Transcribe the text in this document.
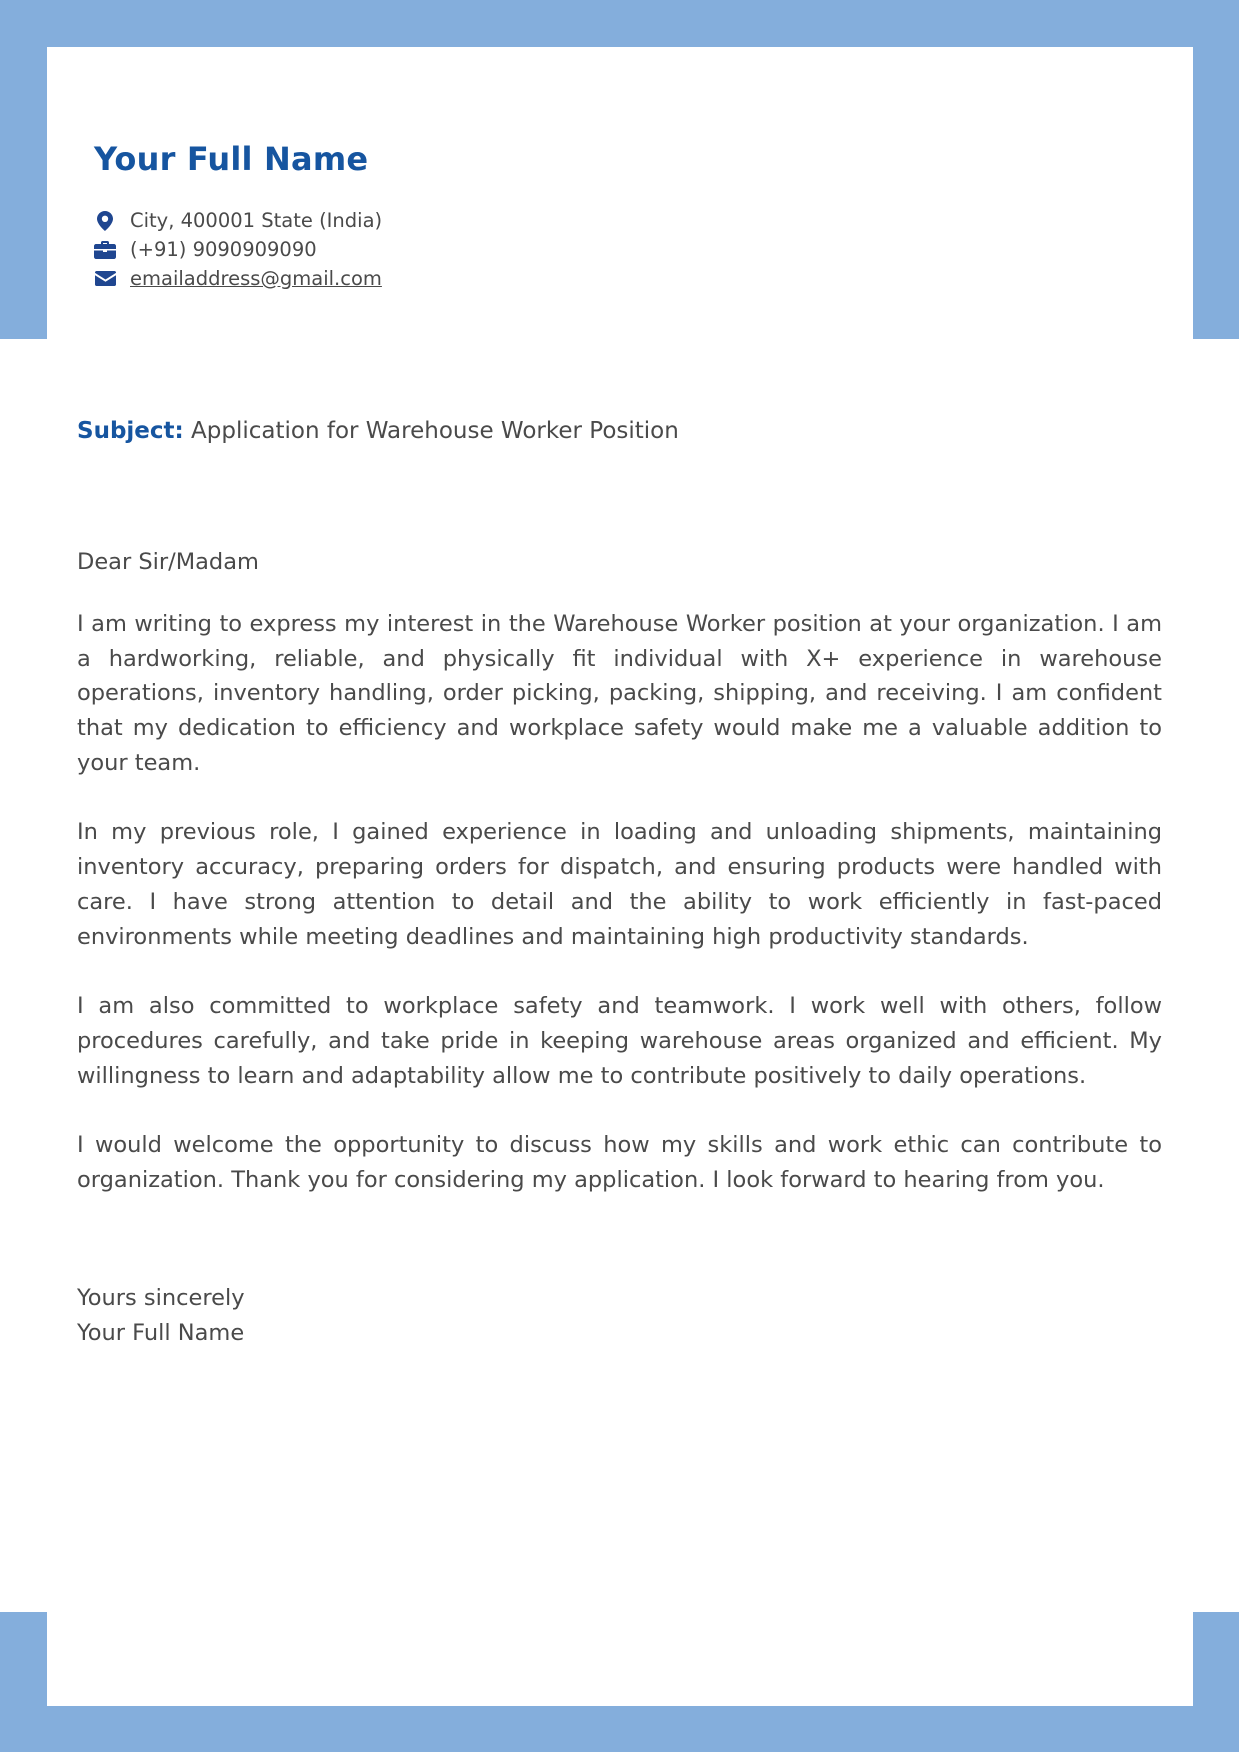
Your Full Name
City, 400001 State (India)
(+91) 9090909090
emailaddress@gmail.com

Subject: Application for Warehouse Worker Position

Dear Sir/Madam

I am writing to express my interest in the Warehouse Worker position at your organization. I am a hardworking, reliable, and physically fit individual with X+ experience in warehouse operations, inventory handling, order picking, packing, shipping, and receiving. I am confident that my dedication to efficiency and workplace safety would make me a valuable addition to your team.

In my previous role, I gained experience in loading and unloading shipments, maintaining inventory accuracy, preparing orders for dispatch, and ensuring products were handled with care. I have strong attention to detail and the ability to work efficiently in fast-paced environments while meeting deadlines and maintaining high productivity standards.

I am also committed to workplace safety and teamwork. I work well with others, follow procedures carefully, and take pride in keeping warehouse areas organized and efficient. My willingness to learn and adaptability allow me to contribute positively to daily operations.

I would welcome the opportunity to discuss how my skills and work ethic can contribute to organization. Thank you for considering my application. I look forward to hearing from you.

Yours sincerely
Your Full Name
